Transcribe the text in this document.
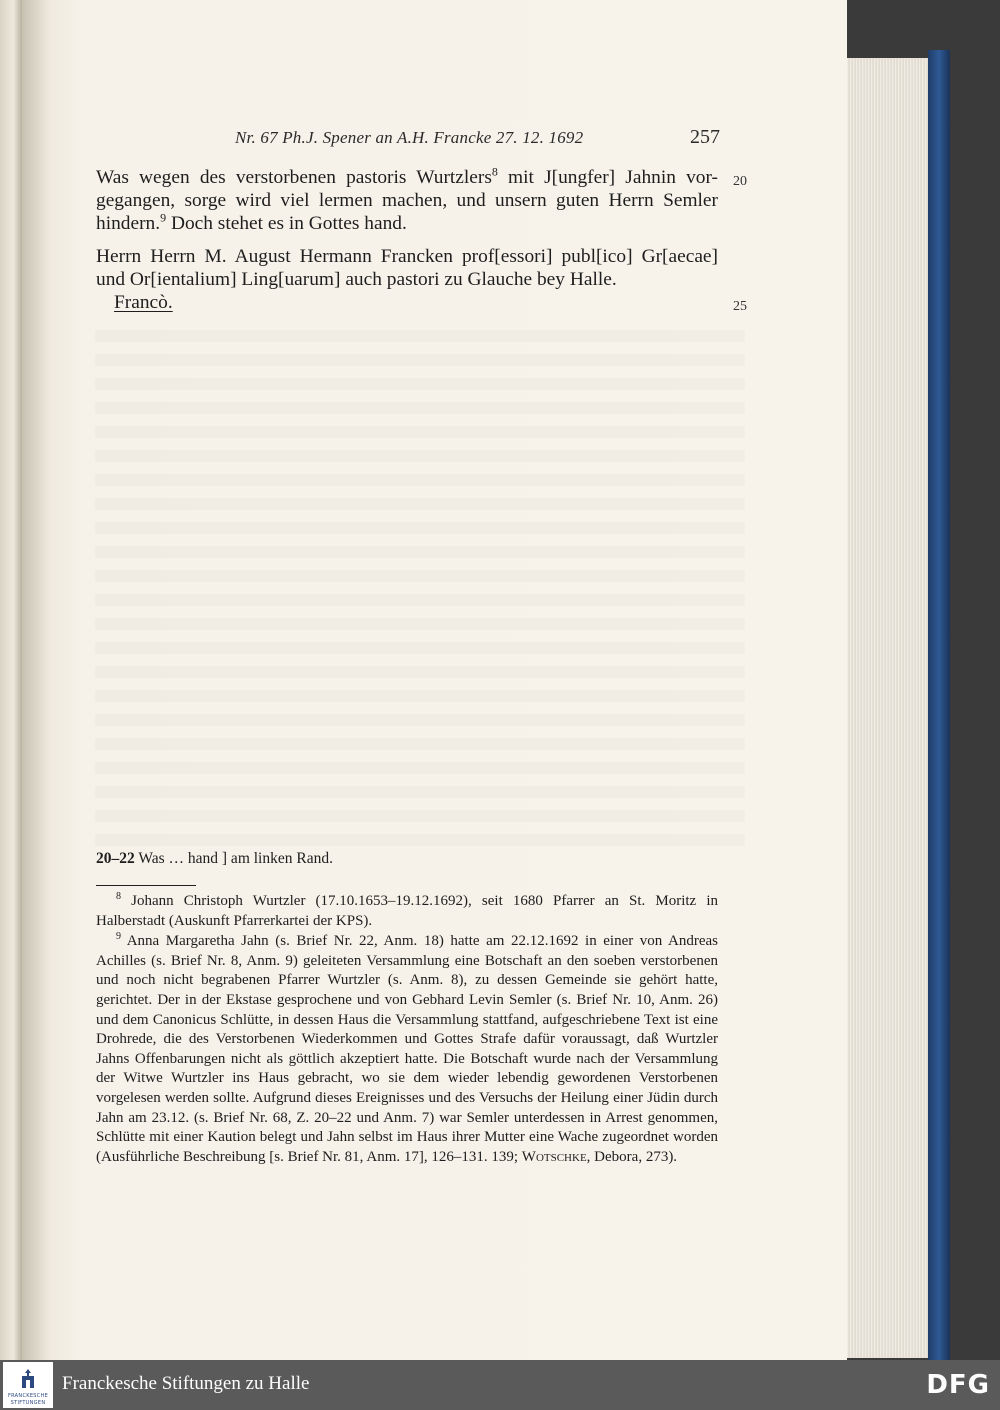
Nr. 67 Ph.J. Spener an A.H. Francke 27. 12. 1692	257

Was wegen des verstorbenen pastoris Wurtzlers$^8$ mit J[ungfer] Jahnin vor-
gegangen, sorge wird viel lermen machen, und unsern guten Herrn Semler
hindern.$^9$ Doch stehet es in Gottes hand.

Herrn Herrn M. August Hermann Francken prof[essori] publ[ico] Gr[aecae]
und Or[ientalium] Ling[uarum] auch pastori zu Glauche bey Halle.
Francò.

20
25
20–22 Was … hand ] am linken Rand.

$^8$ Johann Christoph Wurtzler (17.10.1653–19.12.1692), seit 1680 Pfarrer an St. Moritz in Halberstadt (Auskunft Pfarrerkartei der KPS).

$^9$ Anna Margaretha Jahn (s. Brief Nr. 22, Anm. 18) hatte am 22.12.1692 in einer von Andreas Achilles (s. Brief Nr. 8, Anm. 9) geleiteten Versammlung eine Botschaft an den soeben verstorbenen und noch nicht begrabenen Pfarrer Wurtzler (s. Anm. 8), zu dessen Gemeinde sie gehört hatte, gerichtet. Der in der Ekstase gesprochene und von Gebhard Levin Semler (s. Brief Nr. 10, Anm. 26) und dem Canonicus Schlütte, in dessen Haus die Versammlung stattfand, aufgeschriebene Text ist eine Drohrede, die des Verstorbenen Wiederkommen und Gottes Strafe dafür voraussagt, daß Wurtzler Jahns Offenbarungen nicht als göttlich akzeptiert hatte. Die Botschaft wurde nach der Versammlung der Witwe Wurtzler ins Haus gebracht, wo sie dem wieder lebendig gewordenen Verstorbenen vorgelesen werden sollte. Aufgrund dieses Ereignisses und des Versuchs der Heilung einer Jüdin durch Jahn am 23.12. (s. Brief Nr. 68, Z. 20–22 und Anm. 7) war Semler unterdessen in Arrest genommen, Schlütte mit einer Kaution belegt und Jahn selbst im Haus ihrer Mutter eine Wache zugeordnet worden (Ausführliche Beschreibung [s. Brief Nr. 81, Anm. 17], 126–131. 139; Wotschke, Debora, 273).

FRANCKESCHE
STIFTUNGEN
Franckesche Stiftungen zu Halle	DFG
